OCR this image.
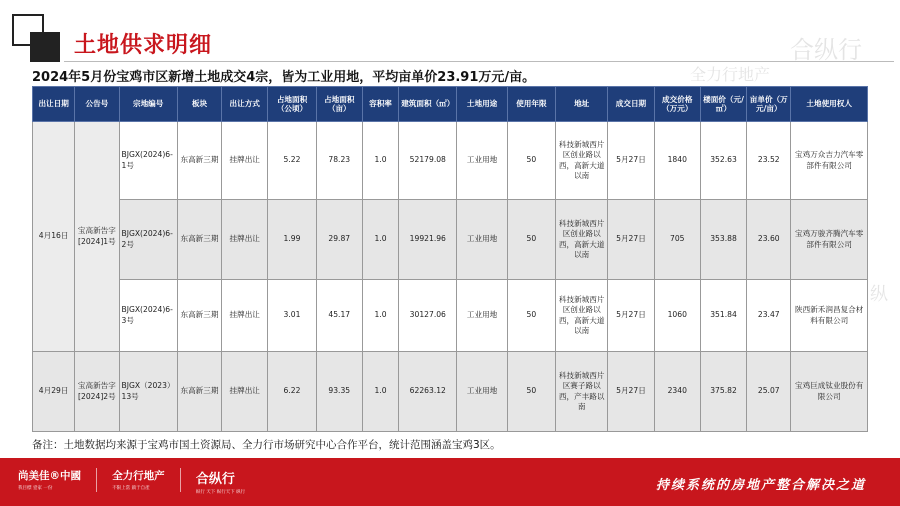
土地供求明细
全力行地产
合纵行
纵
2024年5月份宝鸡市区新增土地成交4宗，皆为工业用地，平均亩单价23.91万元/亩。
出让日期	公告号	宗地编号	板块	出让方式	占地面积（公顷）	占地面积（亩）	容积率	建筑面积（㎡）	土地用途	使用年限	地址	成交日期	成交价格（万元）	楼面价（元/㎡）	亩单价（万元/亩）	土地使用权人
4月16日	宝高新告字[2024]1号	BJGX(2024)6-1号	东高新三期	挂牌出让	5.22	78.23	1.0	52179.08	工业用地	50	科技新城西片区创业路以西，高新大道以南	5月27日	1840	352.63	23.52	宝鸡万众吉力汽车零部件有限公司
		BJGX(2024)6-2号	东高新三期	挂牌出让	1.99	29.87	1.0	19921.96	工业用地	50	科技新城西片区创业路以西，高新大道以南	5月27日	705	353.88	23.60	宝鸡万骏齐腾汽车零部件有限公司
		BJGX(2024)6-3号	东高新三期	挂牌出让	3.01	45.17	1.0	30127.06	工业用地	50	科技新城西片区创业路以西，高新大道以南	5月27日	1060	351.84	23.47	陕西新禾润昌复合材料有限公司
4月29日	宝高新告字[2024]2号	BJGX（2023）13号	东高新三期	挂牌出让	6.22	93.35	1.0	62263.12	工业用地	50	科技新城西片区赛子路以西，产丰路以南	5月27日	2340	375.82	25.07	宝鸡巨成钛业股份有限公司
备注：土地数据均来源于宝鸡市国土资源局、全力行市场研究中心合作平台，统计范围涵盖宝鸡3区。
尚美佳®中國
我目標 壹家 一份

全力行地产
不限上當 鎮于自產

合纵行
纵行 天下 纵行天下 纵行	持续系统的房地产整合解决之道
